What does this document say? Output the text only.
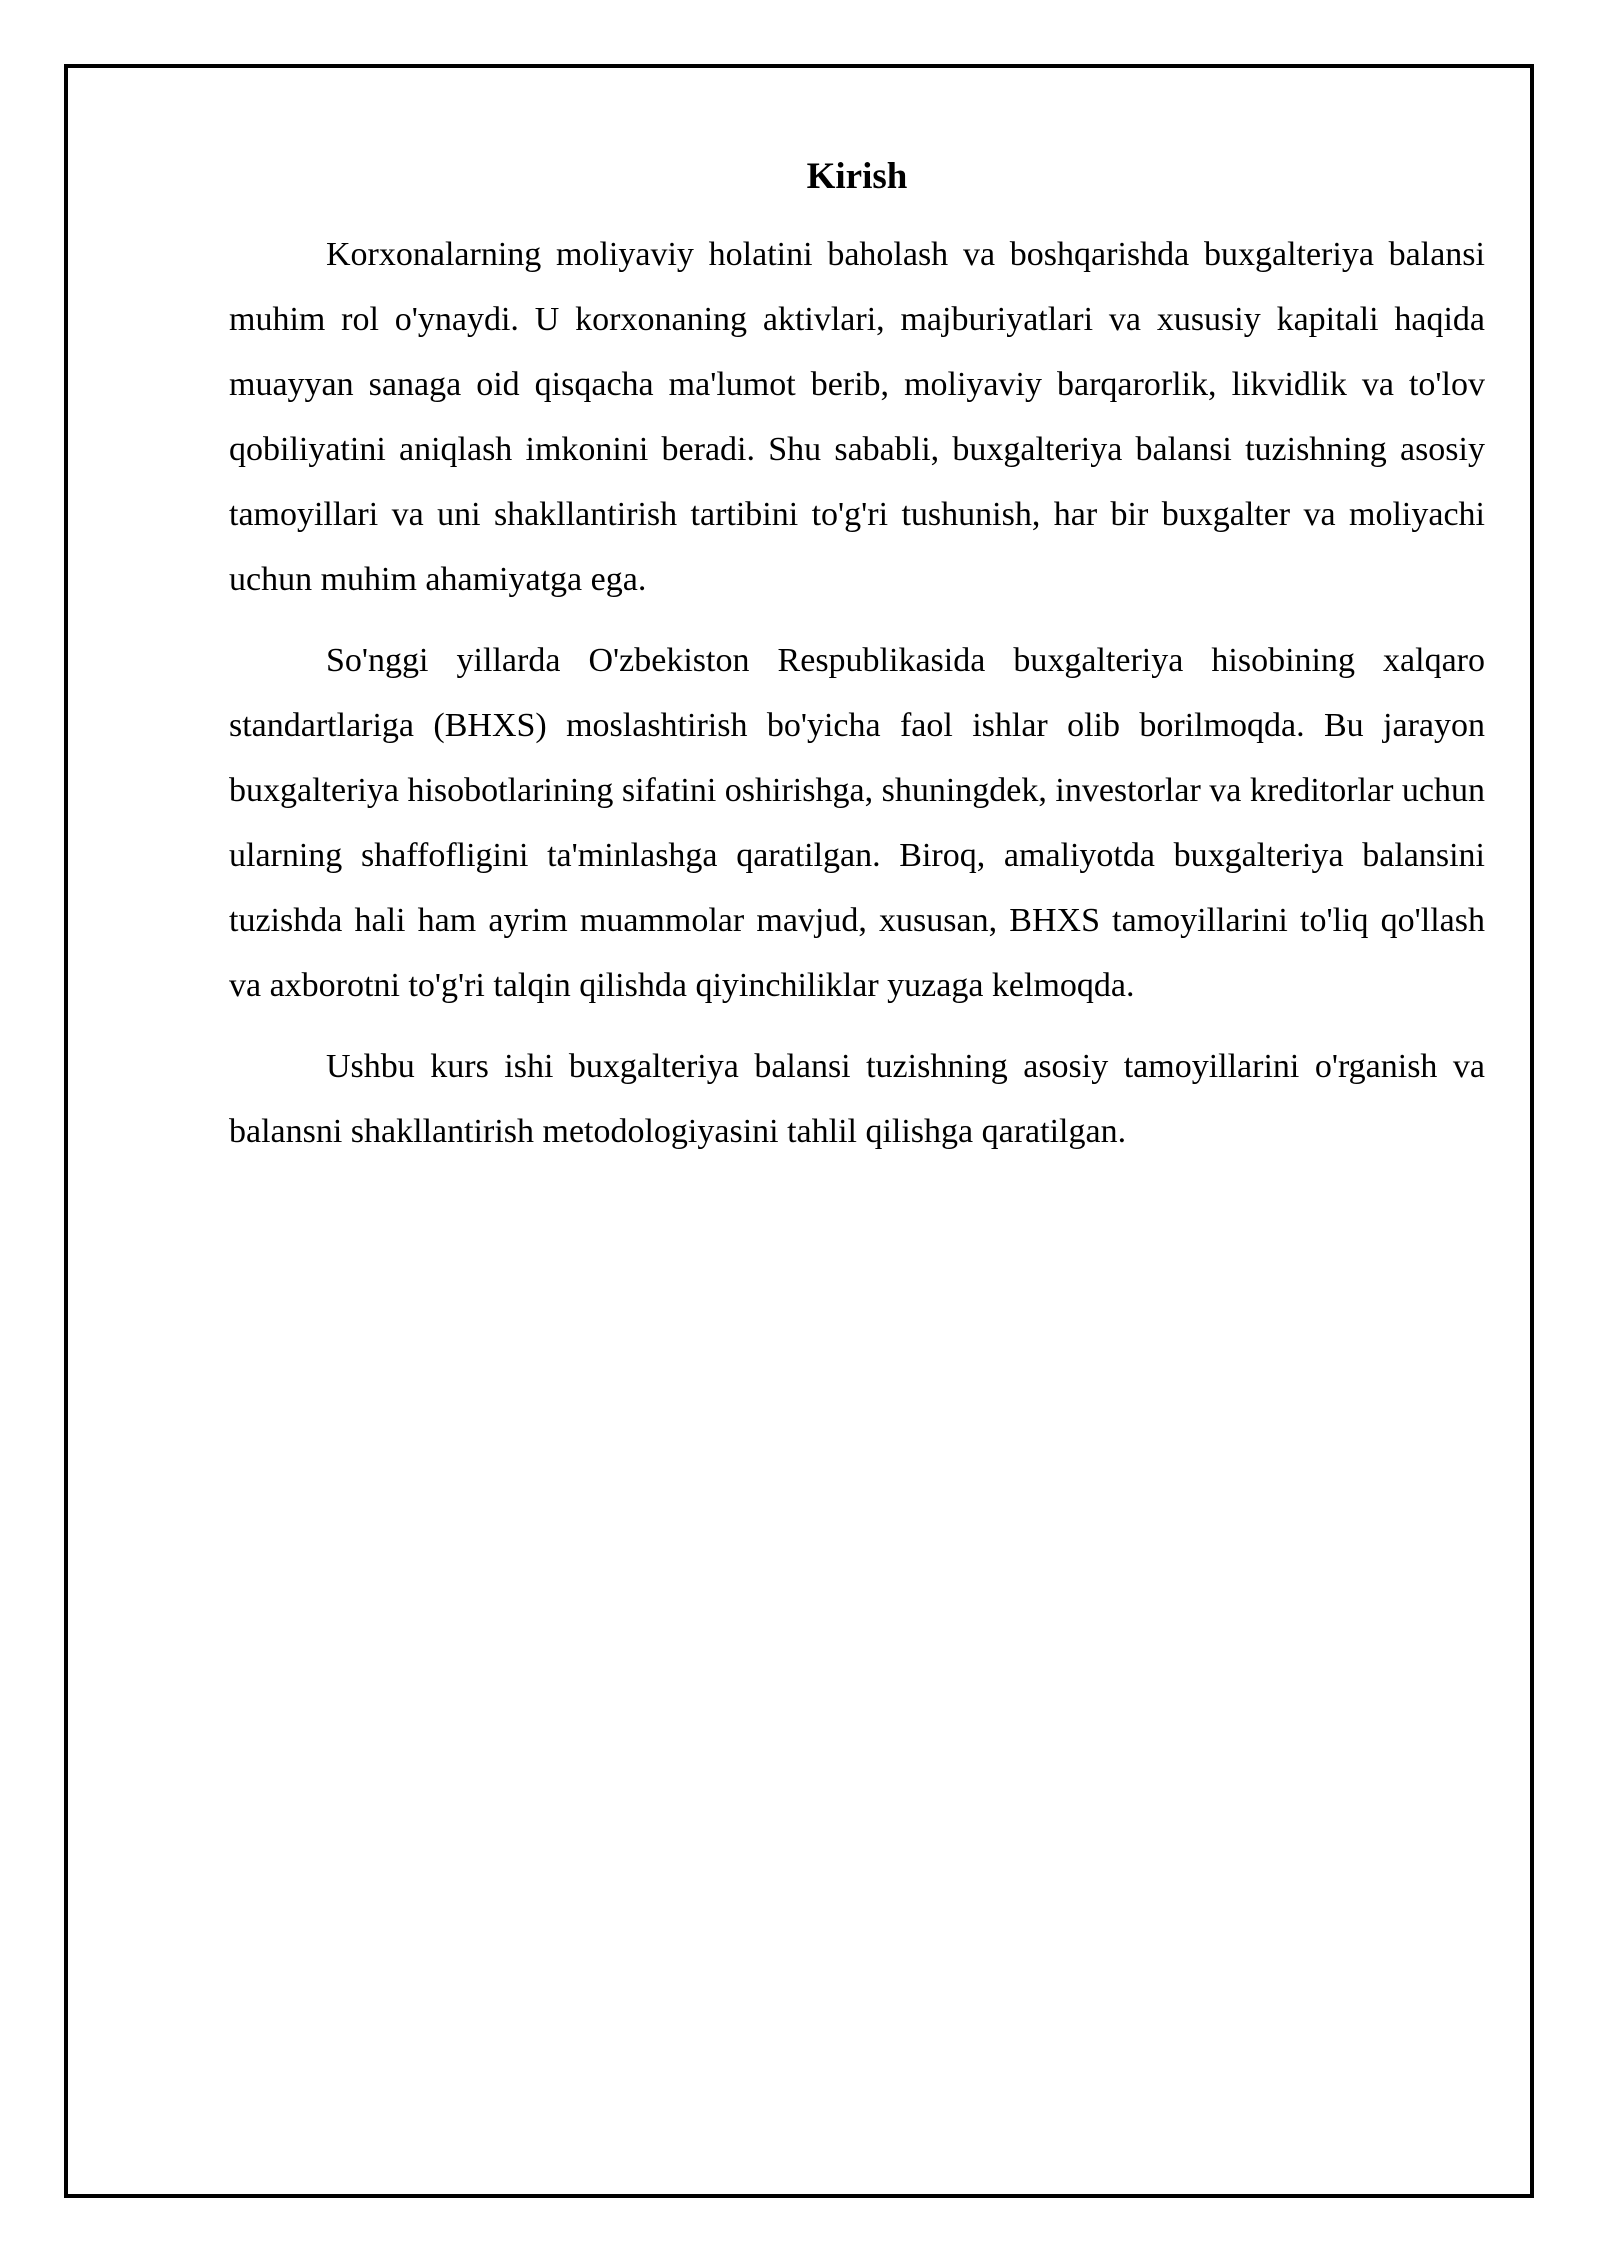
Kirish

Korxonalarning moliyaviy holatini baholash va boshqarishda buxgalteriya balansi muhim rol o'ynaydi. U korxonaning aktivlari, majburiyatlari va xususiy kapitali haqida muayyan sanaga oid qisqacha ma'lumot berib, moliyaviy barqarorlik, likvidlik va to'lov qobiliyatini aniqlash imkonini beradi. Shu sababli, buxgalteriya balansi tuzishning asosiy tamoyillari va uni shakllantirish tartibini to'g'ri tushunish, har bir buxgalter va moliyachi uchun muhim ahamiyatga ega.

So'nggi yillarda O'zbekiston Respublikasida buxgalteriya hisobining xalqaro standartlariga (BHXS) moslashtirish bo'yicha faol ishlar olib borilmoqda. Bu jarayon buxgalteriya hisobotlarining sifatini oshirishga, shuningdek, investorlar va kreditorlar uchun ularning shaffofligini ta'minlashga qaratilgan. Biroq, amaliyotda buxgalteriya balansini tuzishda hali ham ayrim muammolar mavjud, xususan, BHXS tamoyillarini to'liq qo'llash va axborotni to'g'ri talqin qilishda qiyinchiliklar yuzaga kelmoqda.

Ushbu kurs ishi buxgalteriya balansi tuzishning asosiy tamoyillarini o'rganish va balansni shakllantirish metodologiyasini tahlil qilishga qaratilgan.
